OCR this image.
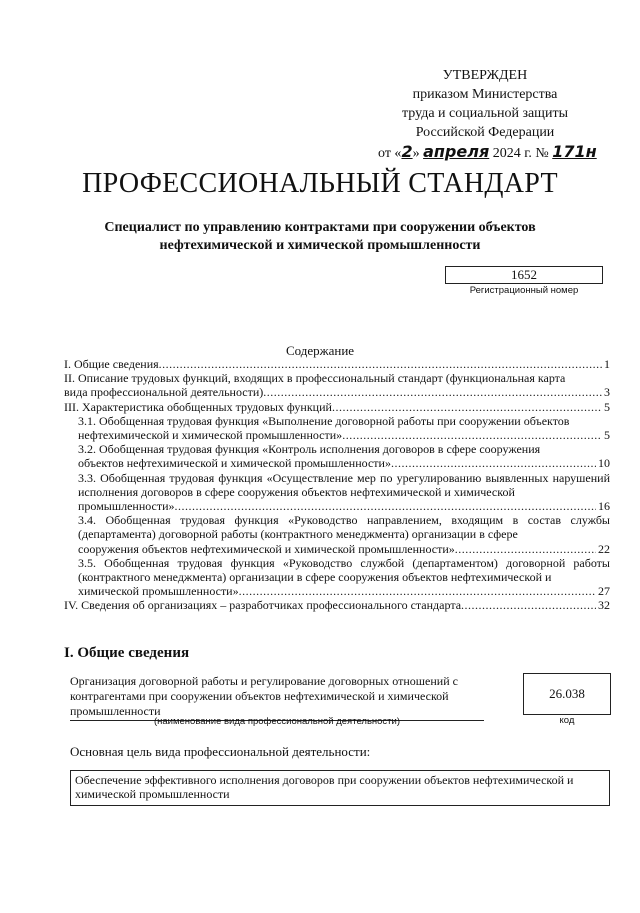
УТВЕРЖДЕН
приказом Министерства
труда и социальной защиты
Российской Федерации
от «2» апреля 2024 г. № 171н
ПРОФЕССИОНАЛЬНЫЙ СТАНДАРТ
Специалист по управлению контрактами при сооружении объектов нефтехимической и химической промышленности
1652
Регистрационный номер
Содержание
I. Общие сведения .....	1
II. Описание трудовых функций, входящих в профессиональный стандарт (функциональная карта
вида профессиональной деятельности) .....	3
III. Характеристика обобщенных трудовых функций .....	5
3.1. Обобщенная трудовая функция «Выполнение договорной работы при сооружении объектов
нефтехимической и химической промышленности» .....	5
3.2. Обобщенная трудовая функция «Контроль исполнения договоров в сфере сооружения
объектов нефтехимической и химической промышленности» .....	10
3.3. Обобщенная трудовая функция «Осуществление мер по урегулированию выявленных нарушений исполнения договоров в сфере сооружения объектов нефтехимической и химической
промышленности» .....	16
3.4. Обобщенная трудовая функция «Руководство направлением, входящим в состав службы (департамента) договорной работы (контрактного менеджмента) организации в сфере
сооружения объектов нефтехимической и химической промышленности» .....	22
3.5. Обобщенная трудовая функция «Руководство службой (департаментом) договорной работы (контрактного менеджмента) организации в сфере сооружения объектов нефтехимической и
химической промышленности» .....	27
IV. Сведения об организациях – разработчиках профессионального стандарта .....	32
I. Общие сведения
Организация договорной работы и регулирование договорных отношений с контрагентами при сооружении объектов нефтехимической и химической промышленности
(наименование вида профессиональной деятельности)
26.038
код
Основная цель вида профессиональной деятельности:
Обеспечение эффективного исполнения договоров при сооружении объектов нефтехимической и химической промышленности
